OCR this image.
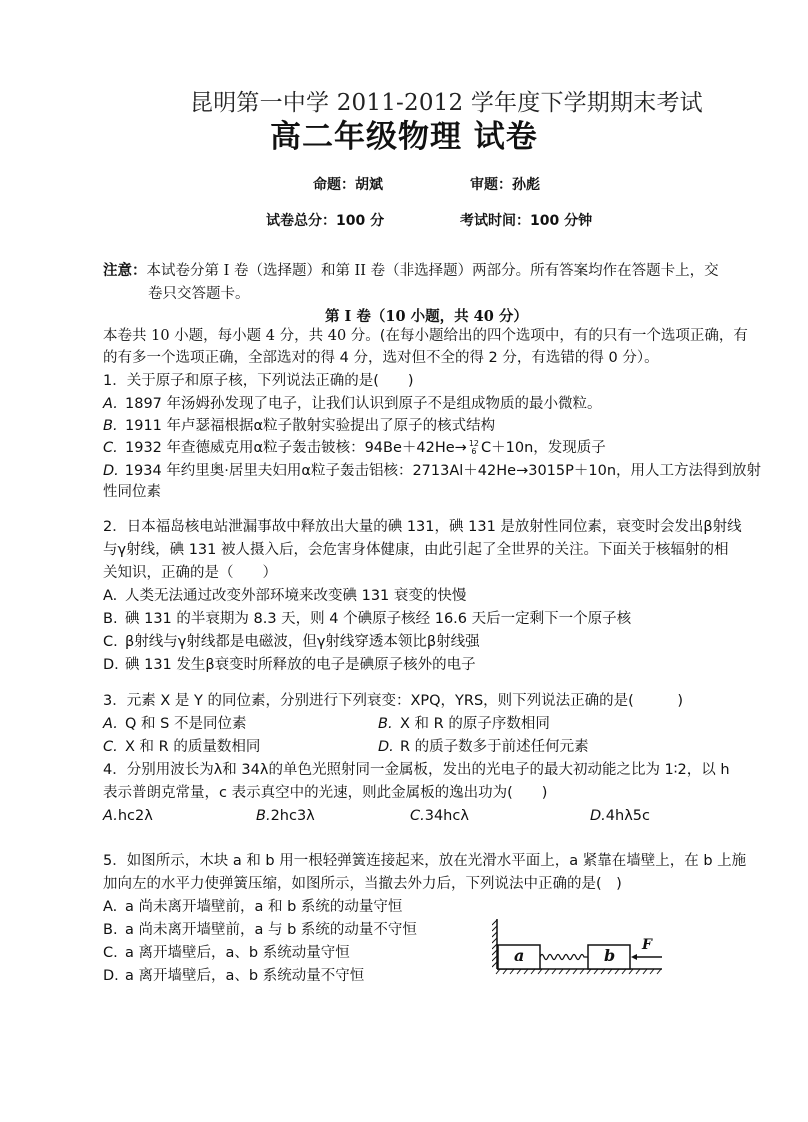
昆明第一中学 2011-2012 学年度下学期期末考试
高二年级物理 试卷
命题：胡斌	审题：孙彪
试卷总分：100 分	考试时间：100 分钟
注意：本试卷分第 I 卷（选择题）和第 II 卷（非选择题）两部分。所有答案均作在答题卡上，交
卷只交答题卡。
第 I 卷（10 小题，共 40 分）
本卷共 10 小题，每小题 4 分，共 40 分。(在每小题给出的四个选项中，有的只有一个选项正确，有
的有多一个选项正确，全部选对的得 4 分，选对但不全的得 2 分，有选错的得 0 分）。
1．关于原子和原子核，下列说法正确的是(　　)
A. 1897 年汤姆孙发现了电子，让我们认识到原子不是组成物质的最小微粒。
B. 1911 年卢瑟福根据α粒子散射实验提出了原子的核式结构
C. 1932 年查德威克用α粒子轰击铍核：94Be＋42He→ 12
6 C＋10n，发现质子
D. 1934 年约里奥·居里夫妇用α粒子轰击铝核：2713Al＋42He→3015P＋10n，用人工方法得到放射
性同位素
2．日本福岛核电站泄漏事故中释放出大量的碘 131，碘 131 是放射性同位素，衰变时会发出β射线
与γ射线，碘 131 被人摄入后，会危害身体健康，由此引起了全世界的关注。下面关于核辐射的相
关知识，正确的是（　　）
A. 人类无法通过改变外部环境来改变碘 131 衰变的快慢
B. 碘 131 的半衰期为 8.3 天，则 4 个碘原子核经 16.6 天后一定剩下一个原子核
C. β射线与γ射线都是电磁波，但γ射线穿透本领比β射线强
D. 碘 131 发生β衰变时所释放的电子是碘原子核外的电子
3．元素 X 是 Y 的同位素，分别进行下列衰变：XPQ，YRS，则下列说法正确的是(　　　)
A. Q 和 S 不是同位素	B. X 和 R 的原子序数相同
C. X 和 R 的质量数相同	D. R 的质子数多于前述任何元素
4．分别用波长为λ和 34λ的单色光照射同一金属板，发出的光电子的最大初动能之比为 1∶2，以 h
表示普朗克常量，c 表示真空中的光速，则此金属板的逸出功为(　　)
A.hc2λ	B.2hc3λ	C.34hcλ	D.4hλ5c
5．如图所示，木块 a 和 b 用一根轻弹簧连接起来，放在光滑水平面上，a 紧靠在墙壁上，在 b 上施
加向左的水平力使弹簧压缩，如图所示，当撤去外力后，下列说法中正确的是(　)
A. a 尚未离开墙壁前，a 和 b 系统的动量守恒
B. a 尚未离开墙壁前，a 与 b 系统的动量不守恒
C. a 离开墙壁后，a、b 系统动量守恒
D. a 离开墙壁后，a、b 系统动量不守恒
a	b
F
